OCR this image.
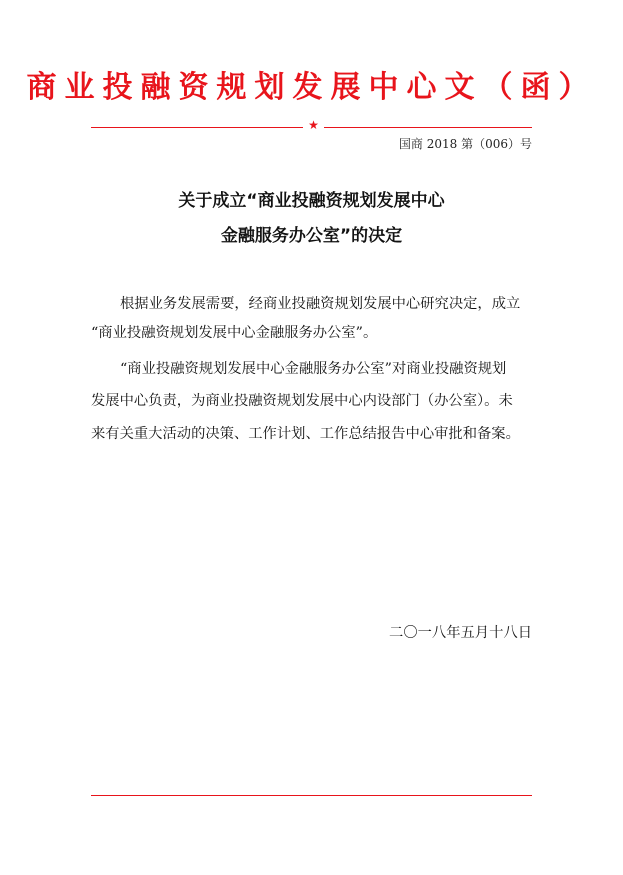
商业投融资规划发展中心文（函）
★
国商 2018 第（006）号
关于成立“商业投融资规划发展中心
金融服务办公室”的决定
根据业务发展需要，经商业投融资规划发展中心研究决定，成立
“商业投融资规划发展中心金融服务办公室”。
“商业投融资规划发展中心金融服务办公室”对商业投融资规划
发展中心负责，为商业投融资规划发展中心内设部门（办公室）。未
来有关重大活动的决策、工作计划、工作总结报告中心审批和备案。
二〇一八年五月十八日
